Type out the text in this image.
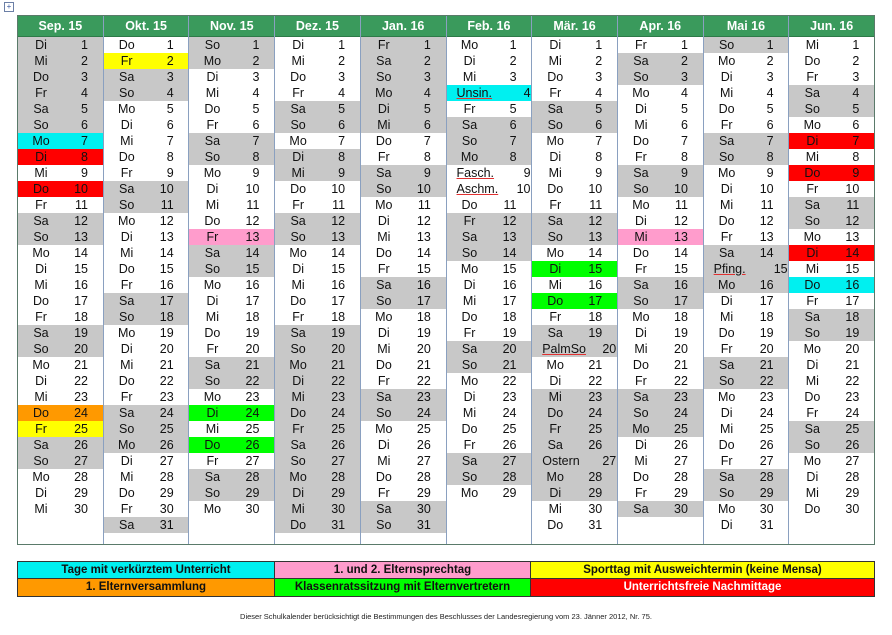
+
Sep. 15
Di	1
Mi	2
Do	3
Fr	4
Sa	5
So	6
Mo	7
Di	8
Mi	9
Do	10
Fr	11
Sa	12
So	13
Mo	14
Di	15
Mi	16
Do	17
Fr	18
Sa	19
So	20
Mo	21
Di	22
Mi	23
Do	24
Fr	25
Sa	26
So	27
Mo	28
Di	29
Mi	30
Okt. 15
Do	1
Fr	2
Sa	3
So	4
Mo	5
Di	6
Mi	7
Do	8
Fr	9
Sa	10
So	11
Mo	12
Di	13
Mi	14
Do	15
Fr	16
Sa	17
So	18
Mo	19
Di	20
Mi	21
Do	22
Fr	23
Sa	24
So	25
Mo	26
Di	27
Mi	28
Do	29
Fr	30
Sa	31
Nov. 15
So	1
Mo	2
Di	3
Mi	4
Do	5
Fr	6
Sa	7
So	8
Mo	9
Di	10
Mi	11
Do	12
Fr	13
Sa	14
So	15
Mo	16
Di	17
Mi	18
Do	19
Fr	20
Sa	21
So	22
Mo	23
Di	24
Mi	25
Do	26
Fr	27
Sa	28
So	29
Mo	30
Dez. 15
Di	1
Mi	2
Do	3
Fr	4
Sa	5
So	6
Mo	7
Di	8
Mi	9
Do	10
Fr	11
Sa	12
So	13
Mo	14
Di	15
Mi	16
Do	17
Fr	18
Sa	19
So	20
Mo	21
Di	22
Mi	23
Do	24
Fr	25
Sa	26
So	27
Mo	28
Di	29
Mi	30
Do	31
Jan. 16
Fr	1
Sa	2
So	3
Mo	4
Di	5
Mi	6
Do	7
Fr	8
Sa	9
So	10
Mo	11
Di	12
Mi	13
Do	14
Fr	15
Sa	16
So	17
Mo	18
Di	19
Mi	20
Do	21
Fr	22
Sa	23
So	24
Mo	25
Di	26
Mi	27
Do	28
Fr	29
Sa	30
So	31
Feb. 16
Mo	1
Di	2
Mi	3
Unsin.	4
Fr	5
Sa	6
So	7
Mo	8
Fasch.	9
Aschm.	10
Do	11
Fr	12
Sa	13
So	14
Mo	15
Di	16
Mi	17
Do	18
Fr	19
Sa	20
So	21
Mo	22
Di	23
Mi	24
Do	25
Fr	26
Sa	27
So	28
Mo	29
Mär. 16
Di	1
Mi	2
Do	3
Fr	4
Sa	5
So	6
Mo	7
Di	8
Mi	9
Do	10
Fr	11
Sa	12
So	13
Mo	14
Di	15
Mi	16
Do	17
Fr	18
Sa	19
PalmSo	20
Mo	21
Di	22
Mi	23
Do	24
Fr	25
Sa	26
Ostern	27
Mo	28
Di	29
Mi	30
Do	31
Apr. 16
Fr	1
Sa	2
So	3
Mo	4
Di	5
Mi	6
Do	7
Fr	8
Sa	9
So	10
Mo	11
Di	12
Mi	13
Do	14
Fr	15
Sa	16
So	17
Mo	18
Di	19
Mi	20
Do	21
Fr	22
Sa	23
So	24
Mo	25
Di	26
Mi	27
Do	28
Fr	29
Sa	30
Mai 16
So	1
Mo	2
Di	3
Mi	4
Do	5
Fr	6
Sa	7
So	8
Mo	9
Di	10
Mi	11
Do	12
Fr	13
Sa	14
Pfing.	15
Mo	16
Di	17
Mi	18
Do	19
Fr	20
Sa	21
So	22
Mo	23
Di	24
Mi	25
Do	26
Fr	27
Sa	28
So	29
Mo	30
Di	31
Jun. 16
Mi	1
Do	2
Fr	3
Sa	4
So	5
Mo	6
Di	7
Mi	8
Do	9
Fr	10
Sa	11
So	12
Mo	13
Di	14
Mi	15
Do	16
Fr	17
Sa	18
So	19
Mo	20
Di	21
Mi	22
Do	23
Fr	24
Sa	25
So	26
Mo	27
Di	28
Mi	29
Do	30
Tage mit verkürztem Unterricht	1. und 2. Elternsprechtag	Sporttag mit Ausweichtermin (keine Mensa)
1. Elternversammlung	Klassenratssitzung mit Elternvertretern	Unterrichtsfreie Nachmittage
Dieser Schulkalender berücksichtigt die Bestimmungen des Beschlusses der Landesregierung vom 23. Jänner 2012, Nr. 75.
